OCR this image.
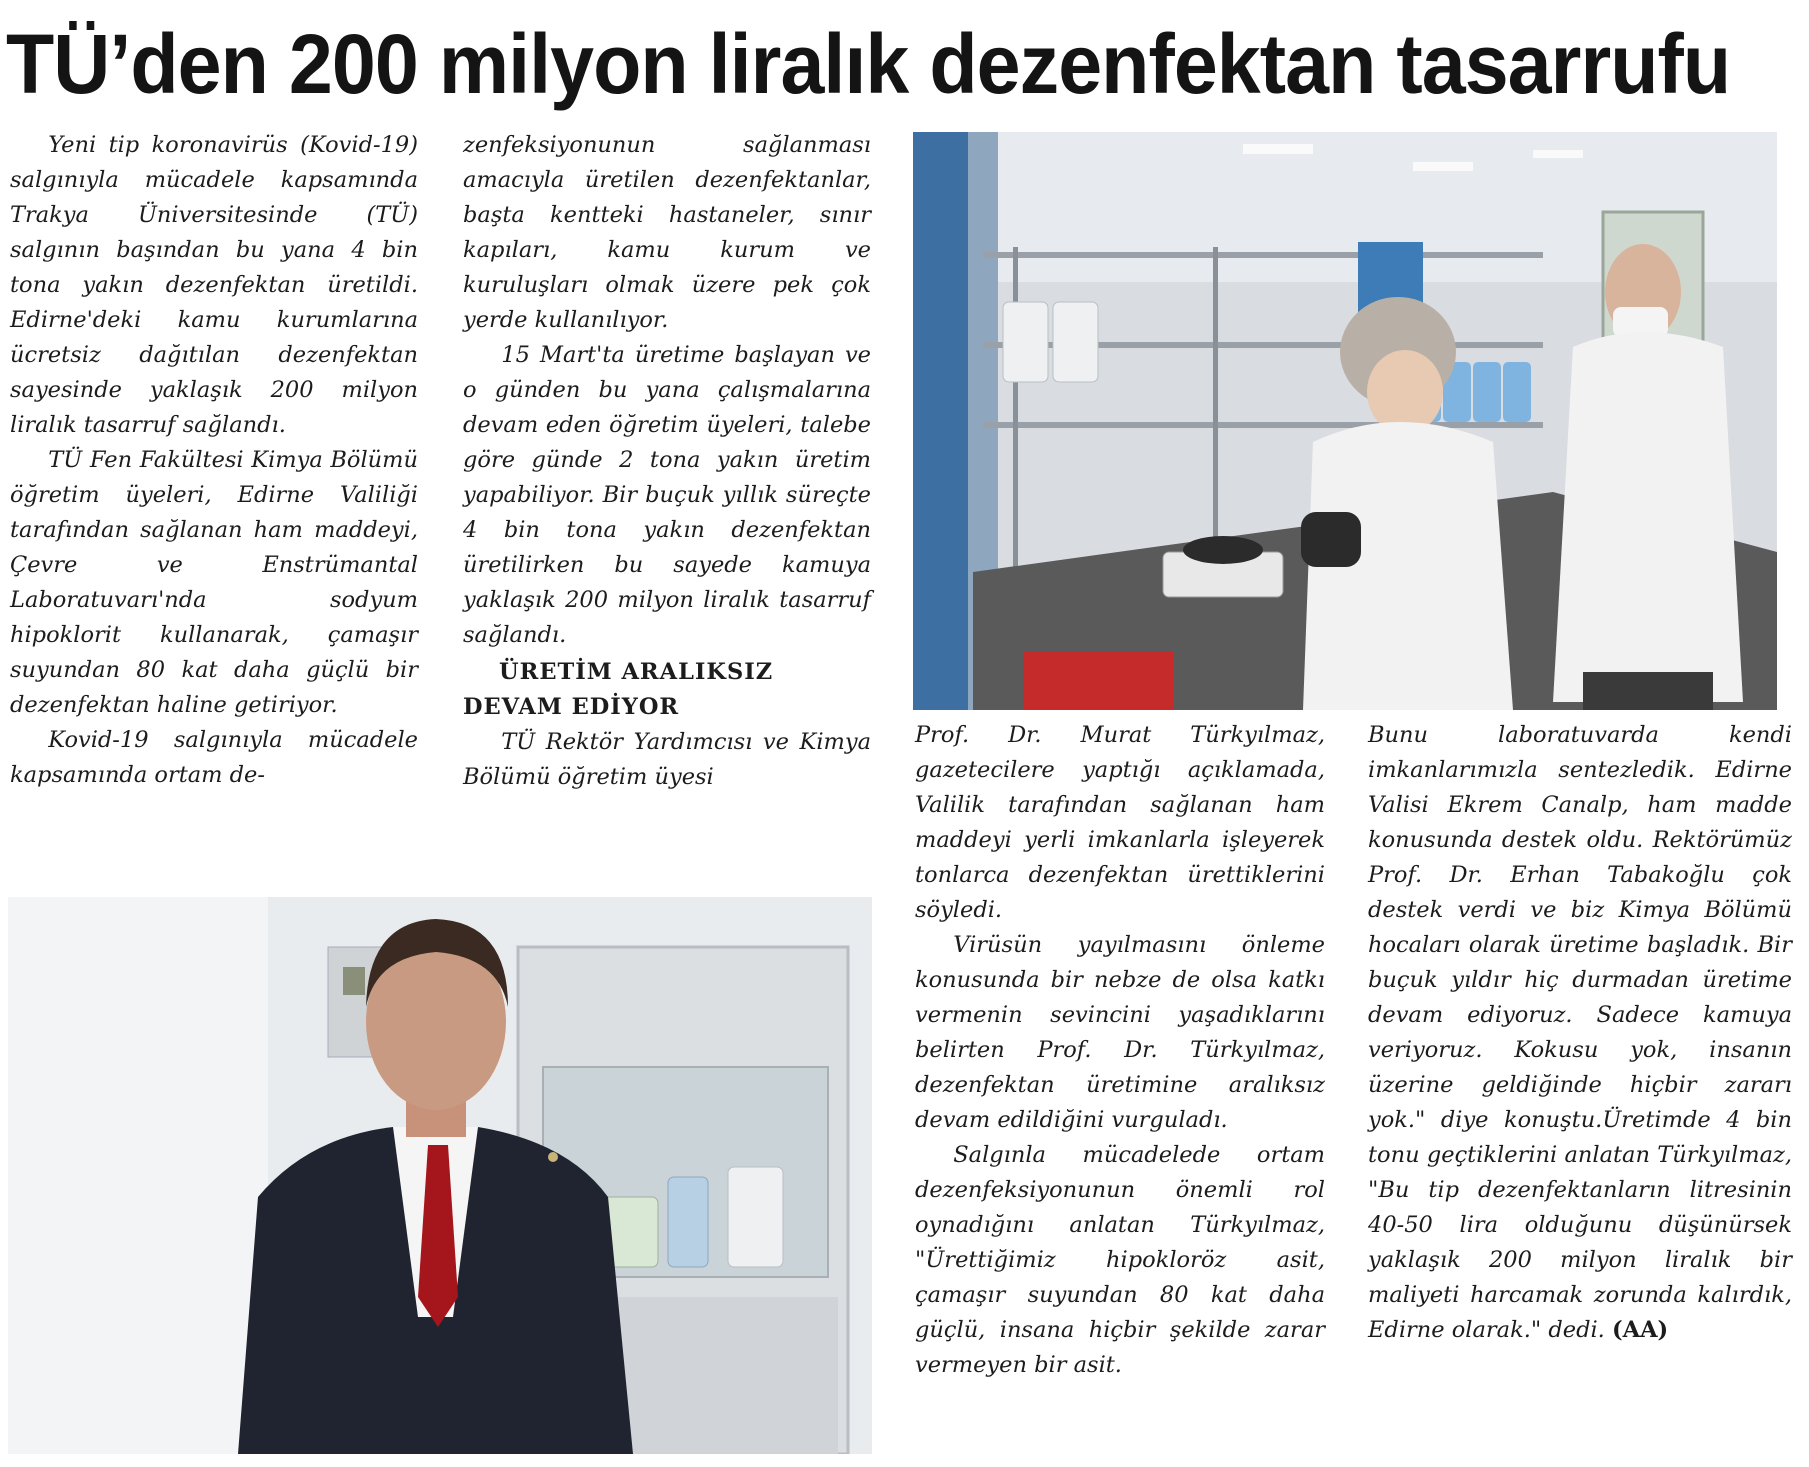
TÜ’den 200 milyon liralık dezenfektan tasarrufu

Yeni tip koronavirüs (Kovid-19) salgınıyla mücadele kapsamında Trakya Üniversitesinde (TÜ) salgının başından bu yana 4 bin tona yakın dezenfektan üretildi. Edirne'deki kamu kurumlarına ücretsiz dağıtılan dezenfektan sayesinde yaklaşık 200 milyon liralık tasarruf sağlandı.

TÜ Fen Fakültesi Kimya Bölümü öğretim üyeleri, Edirne Valiliği tarafından sağlanan ham maddeyi, Çevre ve Enstrümantal Laboratuvarı'nda sodyum hipoklorit kullanarak, çamaşır suyundan 80 kat daha güçlü bir dezenfektan haline getiriyor.

Kovid-19 salgınıyla mücadele kapsamında ortam de-

zenfeksiyonunun sağlanması amacıyla üretilen dezenfektanlar, başta kentteki hastaneler, sınır kapıları, kamu kurum ve kuruluşları olmak üzere pek çok yerde kullanılıyor.

15 Mart'ta üretime başlayan ve o günden bu yana çalışmalarına devam eden öğretim üyeleri, talebe göre günde 2 tona yakın üretim yapabiliyor. Bir buçuk yıllık süreçte 4 bin tona yakın dezenfektan üretilirken bu sayede kamuya yaklaşık 200 milyon liralık tasarruf sağlandı.

ÜRETİM ARALIKSIZ DEVAM EDİYOR

TÜ Rektör Yardımcısı ve Kimya Bölümü öğretim üyesi

Prof. Dr. Murat Türkyılmaz, gazetecilere yaptığı açıklamada, Valilik tarafından sağlanan ham maddeyi yerli imkanlarla işleyerek tonlarca dezenfektan ürettiklerini söyledi.

Virüsün yayılmasını önleme konusunda bir nebze de olsa katkı vermenin sevincini yaşadıklarını belirten Prof. Dr. Türkyılmaz, dezenfektan üretimine aralıksız devam edildiğini vurguladı.

Salgınla mücadelede ortam dezenfeksiyonunun önemli rol oynadığını anlatan Türkyılmaz, "Ürettiğimiz hipokloröz asit, çamaşır suyundan 80 kat daha güçlü, insana hiçbir şekilde zarar vermeyen bir asit.

Bunu laboratuvarda kendi imkanlarımızla sentezledik. Edirne Valisi Ekrem Canalp, ham madde konusunda destek oldu. Rektörümüz Prof. Dr. Erhan Tabakoğlu çok destek verdi ve biz Kimya Bölümü hocaları olarak üretime başladık. Bir buçuk yıldır hiç durmadan üretime devam ediyoruz. Sadece kamuya veriyoruz. Kokusu yok, insanın üzerine geldiğinde hiçbir zararı yok." diye konuştu.Üretimde 4 bin tonu geçtiklerini anlatan Türkyılmaz, "Bu tip dezenfektanların litresinin 40-50 lira olduğunu düşünürsek yaklaşık 200 milyon liralık bir maliyeti harcamak zorunda kalırdık, Edirne olarak." dedi. (AA)
